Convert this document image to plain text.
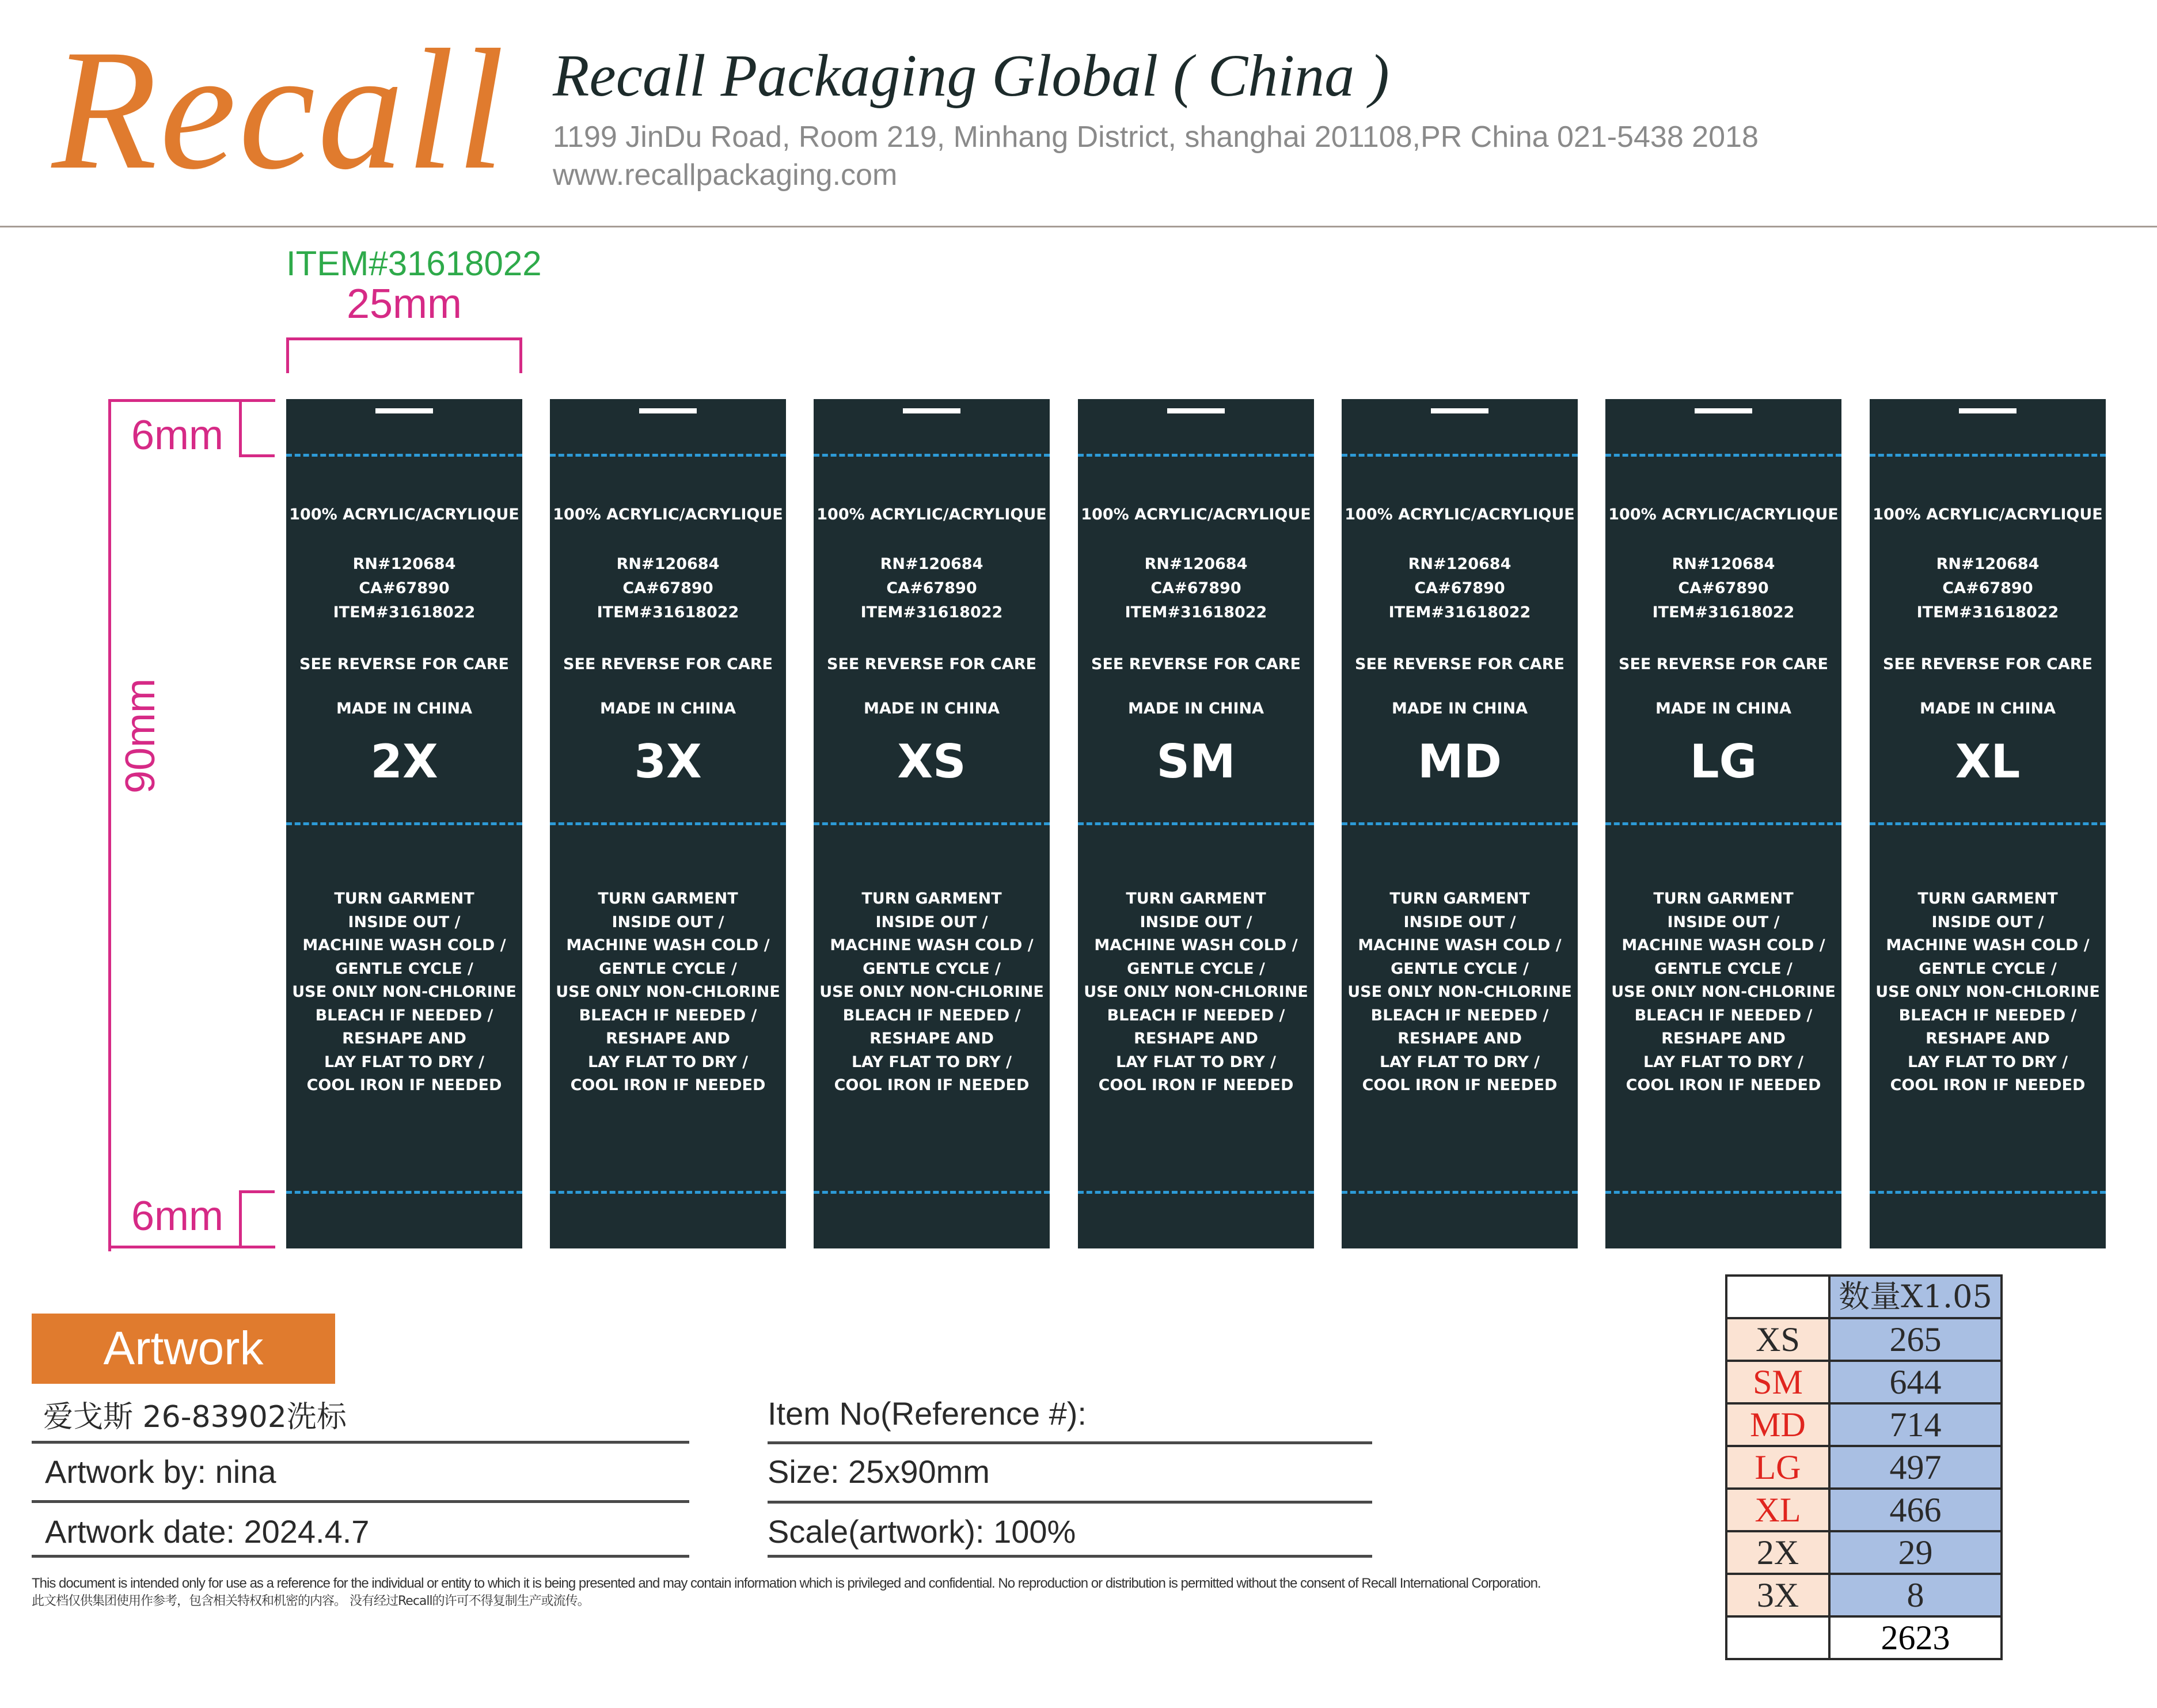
Recall Recall Packaging Global ( China )
1199 JinDu Road, Room 219, Minhang District, shanghai 201108,PR China 021-5438 2018
www.recallpackaging.com
ITEM#31618022
25mm
90mm
6mm
6mm
100% ACRYLIC/ACRYLIQUE
RN#120684
CA#67890
ITEM#31618022
SEE REVERSE FOR CARE
MADE IN CHINA
2X
TURN GARMENT
INSIDE OUT /
MACHINE WASH COLD /
GENTLE CYCLE /
USE ONLY NON-CHLORINE
BLEACH IF NEEDED /
RESHAPE AND
LAY FLAT TO DRY /
COOL IRON IF NEEDED
100% ACRYLIC/ACRYLIQUE
RN#120684
CA#67890
ITEM#31618022
SEE REVERSE FOR CARE
MADE IN CHINA
3X
TURN GARMENT
INSIDE OUT /
MACHINE WASH COLD /
GENTLE CYCLE /
USE ONLY NON-CHLORINE
BLEACH IF NEEDED /
RESHAPE AND
LAY FLAT TO DRY /
COOL IRON IF NEEDED
100% ACRYLIC/ACRYLIQUE
RN#120684
CA#67890
ITEM#31618022
SEE REVERSE FOR CARE
MADE IN CHINA
XS
TURN GARMENT
INSIDE OUT /
MACHINE WASH COLD /
GENTLE CYCLE /
USE ONLY NON-CHLORINE
BLEACH IF NEEDED /
RESHAPE AND
LAY FLAT TO DRY /
COOL IRON IF NEEDED
100% ACRYLIC/ACRYLIQUE
RN#120684
CA#67890
ITEM#31618022
SEE REVERSE FOR CARE
MADE IN CHINA
SM
TURN GARMENT
INSIDE OUT /
MACHINE WASH COLD /
GENTLE CYCLE /
USE ONLY NON-CHLORINE
BLEACH IF NEEDED /
RESHAPE AND
LAY FLAT TO DRY /
COOL IRON IF NEEDED
100% ACRYLIC/ACRYLIQUE
RN#120684
CA#67890
ITEM#31618022
SEE REVERSE FOR CARE
MADE IN CHINA
MD
TURN GARMENT
INSIDE OUT /
MACHINE WASH COLD /
GENTLE CYCLE /
USE ONLY NON-CHLORINE
BLEACH IF NEEDED /
RESHAPE AND
LAY FLAT TO DRY /
COOL IRON IF NEEDED
100% ACRYLIC/ACRYLIQUE
RN#120684
CA#67890
ITEM#31618022
SEE REVERSE FOR CARE
MADE IN CHINA
LG
TURN GARMENT
INSIDE OUT /
MACHINE WASH COLD /
GENTLE CYCLE /
USE ONLY NON-CHLORINE
BLEACH IF NEEDED /
RESHAPE AND
LAY FLAT TO DRY /
COOL IRON IF NEEDED
100% ACRYLIC/ACRYLIQUE
RN#120684
CA#67890
ITEM#31618022
SEE REVERSE FOR CARE
MADE IN CHINA
XL
TURN GARMENT
INSIDE OUT /
MACHINE WASH COLD /
GENTLE CYCLE /
USE ONLY NON-CHLORINE
BLEACH IF NEEDED /
RESHAPE AND
LAY FLAT TO DRY /
COOL IRON IF NEEDED
Artwork
爱戈斯 26-83902洗标
Artwork by: nina
Artwork date: 2024.4.7
Item No(Reference #):
Size: 25x90mm
Scale(artwork): 100%
This document is intended only for use as a reference for the individual or entity to which it is being presented and may contain information which is privileged and confidential. No reproduction or distribution is permitted without the consent of Recall International Corporation.
此文档仅供集团使用作参考，包含相关特权和机密的内容。 没有经过Recall的许可不得复制生产或流传。
	数量X1.05
XS	265
SM	644
MD	714
LG	497
XL	466
2X	29
3X	8
	2623
